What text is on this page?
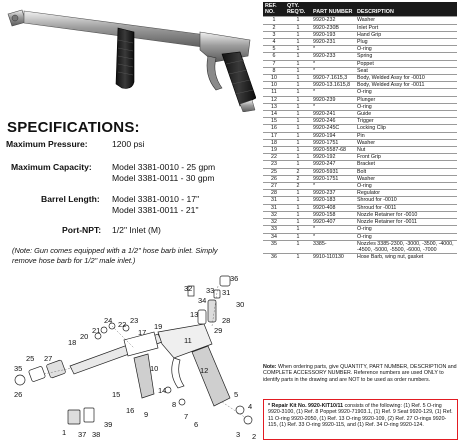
SPECIFICATIONS:
Maximum Pressure:	1200 psi
Maximum Capacity: Model 3381-0010 - 25 gpm
Model 3381-0011 - 30 gpm
Barrel Length: Model 3381-0010 - 17"
Model 3381-0011 - 21"
Port-NPT: 1/2" Inlet (M)
(Note: Gun comes equipped with a 1/2" hose barb inlet. Simply remove hose barb for 1/2" male inlet.)
36
31
33
34
32
30
28
29
35
26
25 27
22
24 23
21
20
18
19
17
15
16
14
13
12
11
10
9
8
7
6
5
4
3 2
1 37 38
39
REF. NO.	QTY. REQ'D.	PART NUMBER	DESCRIPTION
1	1	9920-232	Washer
2	1	9920-230B	Inlet Port
3	1	9920-193	Hand Grip
4	1	9920-231	Plug
5	1	*	O-ring
6	1	9920-233	Spring
7	1	*	Poppet
8	1	*	Seat
10	1	9920-7.1615,3	Body, Welded Assy for -0010
10	1	9920-13.1615,8	Body, Welded Assy for -0011
11	1	*	O-ring
12	1	9920-239	Plunger
13	1	*	O-ring
14	1	9920-241	Guide
15	1	9920-246	Trigger
16	1	9920-245C	Locking Clip
17	1	9920-194	Pin
18	1	9920-1751	Washer
19	1	9920-5587-68	Nut
22	1	9920-192	Front Grip
23	1	9920-247	Bracket
25	2	9920-5931	Bolt
26	2	9920-1751	Washer
27	2	*	O-ring
28	1	9920-237	Regulator
31	1	9920-183	Shroud for -0010
31	1	9920-408	Shroud for -0011
32	1	9920-158	Nozzle Retainer for -0010
32	1	9920-407	Nozzle Retainer for -0011
33	1	*	O-ring
34	1	*	O-ring
35	1	3385-	Nozzles 3385-2300, -3000, -3500, -4000, -4500, -5000, -5500, -6000, -7000
36	1	9910-110130	Hose Barb, wing nut, gasket
Note: When ordering parts, give QUANTITY, PART NUMBER, DESCRIPTION and COMPLETE ACCESSORY NUMBER. Reference numbers are used ONLY to identify parts in the drawing and are NOT to be used as order numbers.
* Repair Kit No. 9920-KIT10/11 consists of the following: (1) Ref. 5 O-ring 9920-3100, (1) Ref. 8 Poppet 9920-71903.1, (1) Ref. 9 Seat 9920-129, (1) Ref. 11 O-ring 9920-2050, (1) Ref. 13 O-ring 9920-109, (2) Ref. 27 O-rings 9920-115, (1) Ref. 33 O-ring 9920-115, and (1) Ref. 34 O-ring 9920-124.
